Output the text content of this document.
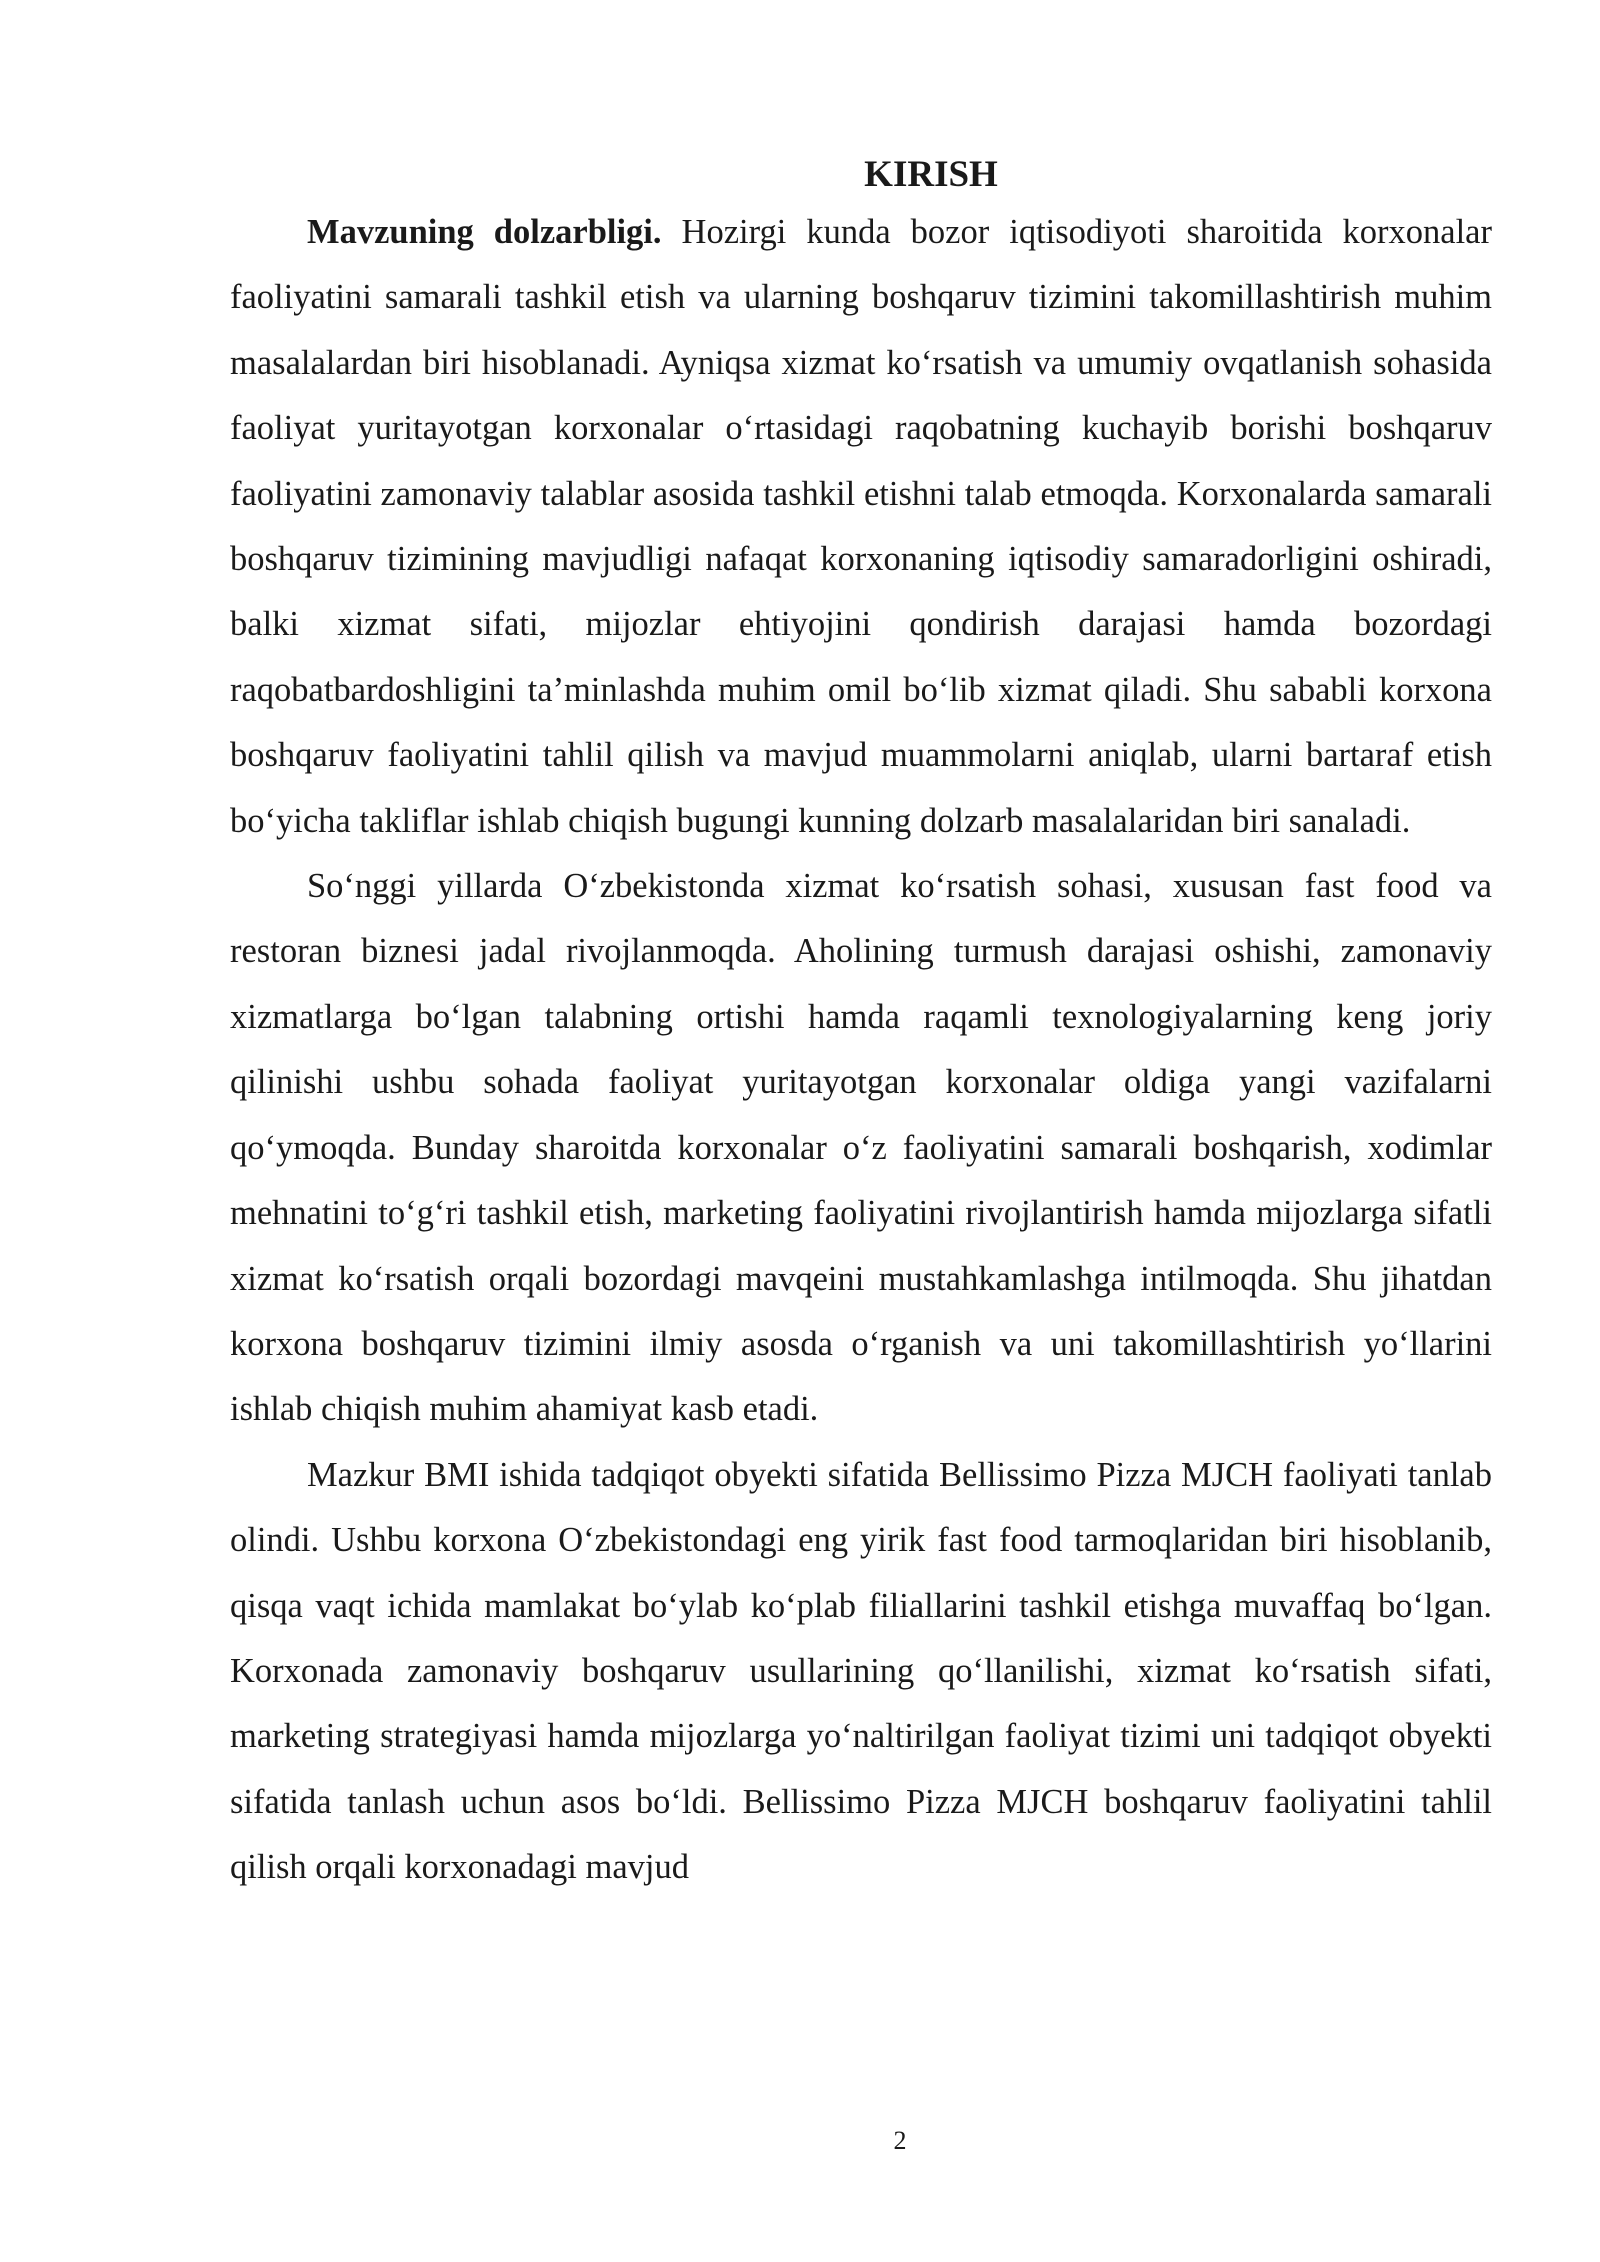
KIRISH

Mavzuning dolzarbligi. Hozirgi kunda bozor iqtisodiyoti sharoitida korxonalar faoliyatini samarali tashkil etish va ularning boshqaruv tizimini takomillashtirish muhim masalalardan biri hisoblanadi. Ayniqsa xizmat ko‘rsatish va umumiy ovqatlanish sohasida faoliyat yuritayotgan korxonalar o‘rtasidagi raqobatning kuchayib borishi boshqaruv faoliyatini zamonaviy talablar asosida tashkil etishni talab etmoqda. Korxonalarda samarali boshqaruv tizimining mavjudligi nafaqat korxonaning iqtisodiy samaradorligini oshiradi, balki xizmat sifati, mijozlar ehtiyojini qondirish darajasi hamda bozordagi raqobatbardoshligini ta’minlashda muhim omil bo‘lib xizmat qiladi. Shu sababli korxona boshqaruv faoliyatini tahlil qilish va mavjud muammolarni aniqlab, ularni bartaraf etish bo‘yicha takliflar ishlab chiqish bugungi kunning dolzarb masalalaridan biri sanaladi.

So‘nggi yillarda O‘zbekistonda xizmat ko‘rsatish sohasi, xususan fast food va restoran biznesi jadal rivojlanmoqda. Aholining turmush darajasi oshishi, zamonaviy xizmatlarga bo‘lgan talabning ortishi hamda raqamli texnologiyalarning keng joriy qilinishi ushbu sohada faoliyat yuritayotgan korxonalar oldiga yangi vazifalarni qo‘ymoqda. Bunday sharoitda korxonalar o‘z faoliyatini samarali boshqarish, xodimlar mehnatini to‘g‘ri tashkil etish, marketing faoliyatini rivojlantirish hamda mijozlarga sifatli xizmat ko‘rsatish orqali bozordagi mavqeini mustahkamlashga intilmoqda. Shu jihatdan korxona boshqaruv tizimini ilmiy asosda o‘rganish va uni takomillashtirish yo‘llarini ishlab chiqish muhim ahamiyat kasb etadi.

Mazkur BMI ishida tadqiqot obyekti sifatida Bellissimo Pizza MJCH faoliyati tanlab olindi. Ushbu korxona O‘zbekistondagi eng yirik fast food tarmoqlaridan biri hisoblanib, qisqa vaqt ichida mamlakat bo‘ylab ko‘plab filiallarini tashkil etishga muvaffaq bo‘lgan. Korxonada zamonaviy boshqaruv usullarining qo‘llanilishi, xizmat ko‘rsatish sifati, marketing strategiyasi hamda mijozlarga yo‘naltirilgan faoliyat tizimi uni tadqiqot obyekti sifatida tanlash uchun asos bo‘ldi. Bellissimo Pizza MJCH boshqaruv faoliyatini tahlil qilish orqali korxonadagi mavjud

2
